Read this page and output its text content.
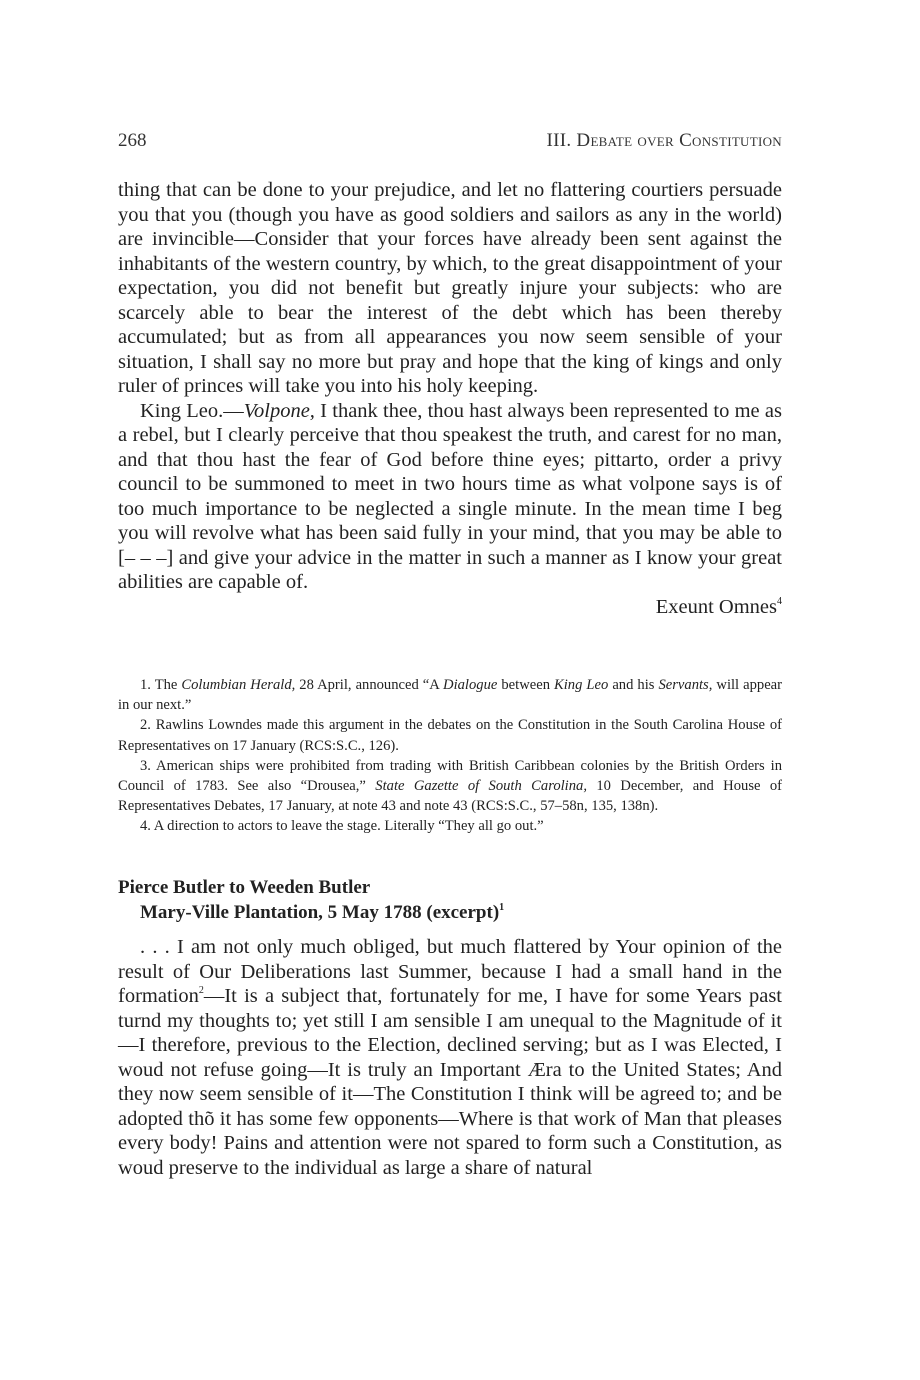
268	III. Debate over Constitution

thing that can be done to your prejudice, and let no flattering courtiers persuade you that you (though you have as good soldiers and sailors as any in the world) are invincible—Consider that your forces have already been sent against the inhabitants of the western country, by which, to the great disappointment of your expectation, you did not benefit but greatly injure your subjects: who are scarcely able to bear the interest of the debt which has been thereby accumulated; but as from all appearances you now seem sensible of your situation, I shall say no more but pray and hope that the king of kings and only ruler of princes will take you into his holy keeping.

King Leo.—Volpone, I thank thee, thou hast always been represented to me as a rebel, but I clearly perceive that thou speakest the truth, and carest for no man, and that thou hast the fear of God before thine eyes; pittarto, order a privy council to be summoned to meet in two hours time as what volpone says is of too much importance to be neglected a single minute. In the mean time I beg you will revolve what has been said fully in your mind, that you may be able to [– – –] and give your advice in the matter in such a manner as I know your great abilities are capable of.

Exeunt Omnes$^4$

1. The Columbian Herald, 28 April, announced “A Dialogue between King Leo and his Servants, will appear in our next.”

2. Rawlins Lowndes made this argument in the debates on the Constitution in the South Carolina House of Representatives on 17 January (RCS:S.C., 126).

3. American ships were prohibited from trading with British Caribbean colonies by the British Orders in Council of 1783. See also “Drousea,” State Gazette of South Carolina, 10 December, and House of Representatives Debates, 17 January, at note 43 and note 43 (RCS:S.C., 57–58n, 135, 138n).

4. A direction to actors to leave the stage. Literally “They all go out.”

Pierce Butler to Weeden Butler
Mary-Ville Plantation, 5 May 1788 (excerpt)$^1$

. . . I am not only much obliged, but much flattered by Your opinion of the result of Our Deliberations last Summer, because I had a small hand in the formation$^2$—It is a subject that, fortunately for me, I have for some Years past turnd my thoughts to; yet still I am sensible I am unequal to the Magnitude of it—I therefore, previous to the Election, declined serving; but as I was Elected, I woud not refuse going—It is truly an Important Æra to the United States; And they now seem sensible of it—The Constitution I think will be agreed to; and be adopted thõ it has some few opponents—Where is that work of Man that pleases every body! Pains and attention were not spared to form such a Constitution, as woud preserve to the individual as large a share of natural
